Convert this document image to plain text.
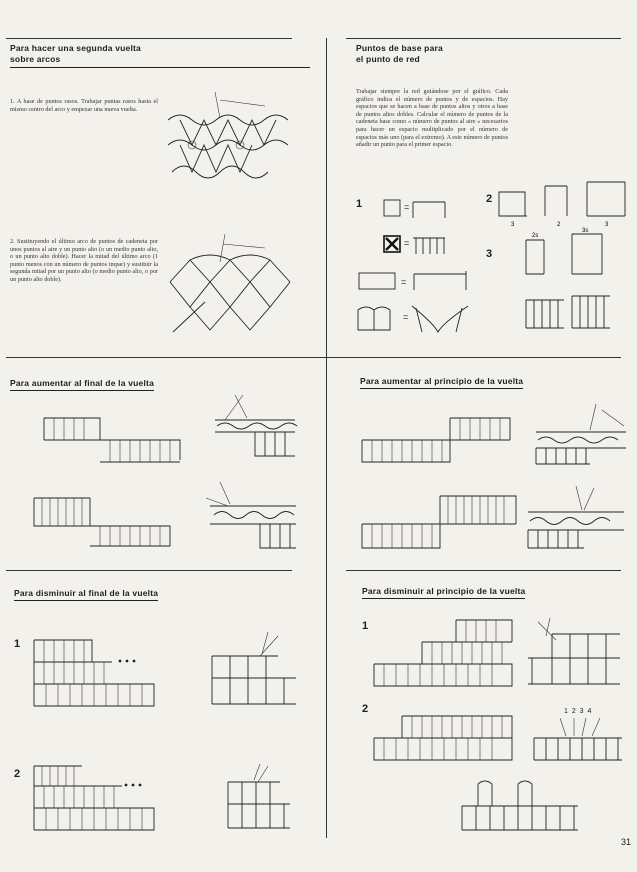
Para hacer una segunda vuelta
sobre arcos
1. A base de puntos rasos. Trabajar puntas rasos hasta el mismo centro del arco y empezar una nueva vuelta.
2. Sustituyendo el último arco de puntos de cadeneta por unos puntos al aire y un punto alto (o un medio punto alto, o un punto alto doble). Hacer la mitad del último arco (1 punto menos con un número de puntos impar) y sustituir la segunda mitad por un punto alto (o medio punto alto, o por un punto alto doble).
Puntos de base para
el punto de red
Trabajar siempre la red guiándose por el gráfico. Cada gráfico indica el número de puntos y de espacios. Hay espacios que se hacen a base de puntos altos y otros a base de puntos altos dobles. Calcular el número de puntos de la cadeneta base como « número de puntos al aire » necesarios para hacer un espacio multiplicado por el número de espacios más uno (para el extremo). A este número de puntos añadir un punto para el primer espacio.
1	2
3
=
=
=
=
3	2	3
2s
3s
Para aumentar al final de la vuelta	Para aumentar al principio de la vuelta
Para disminuir al final de la vuelta
1
2
Para disminuir al principio de la vuelta
1
2	1 2 3 4
31
